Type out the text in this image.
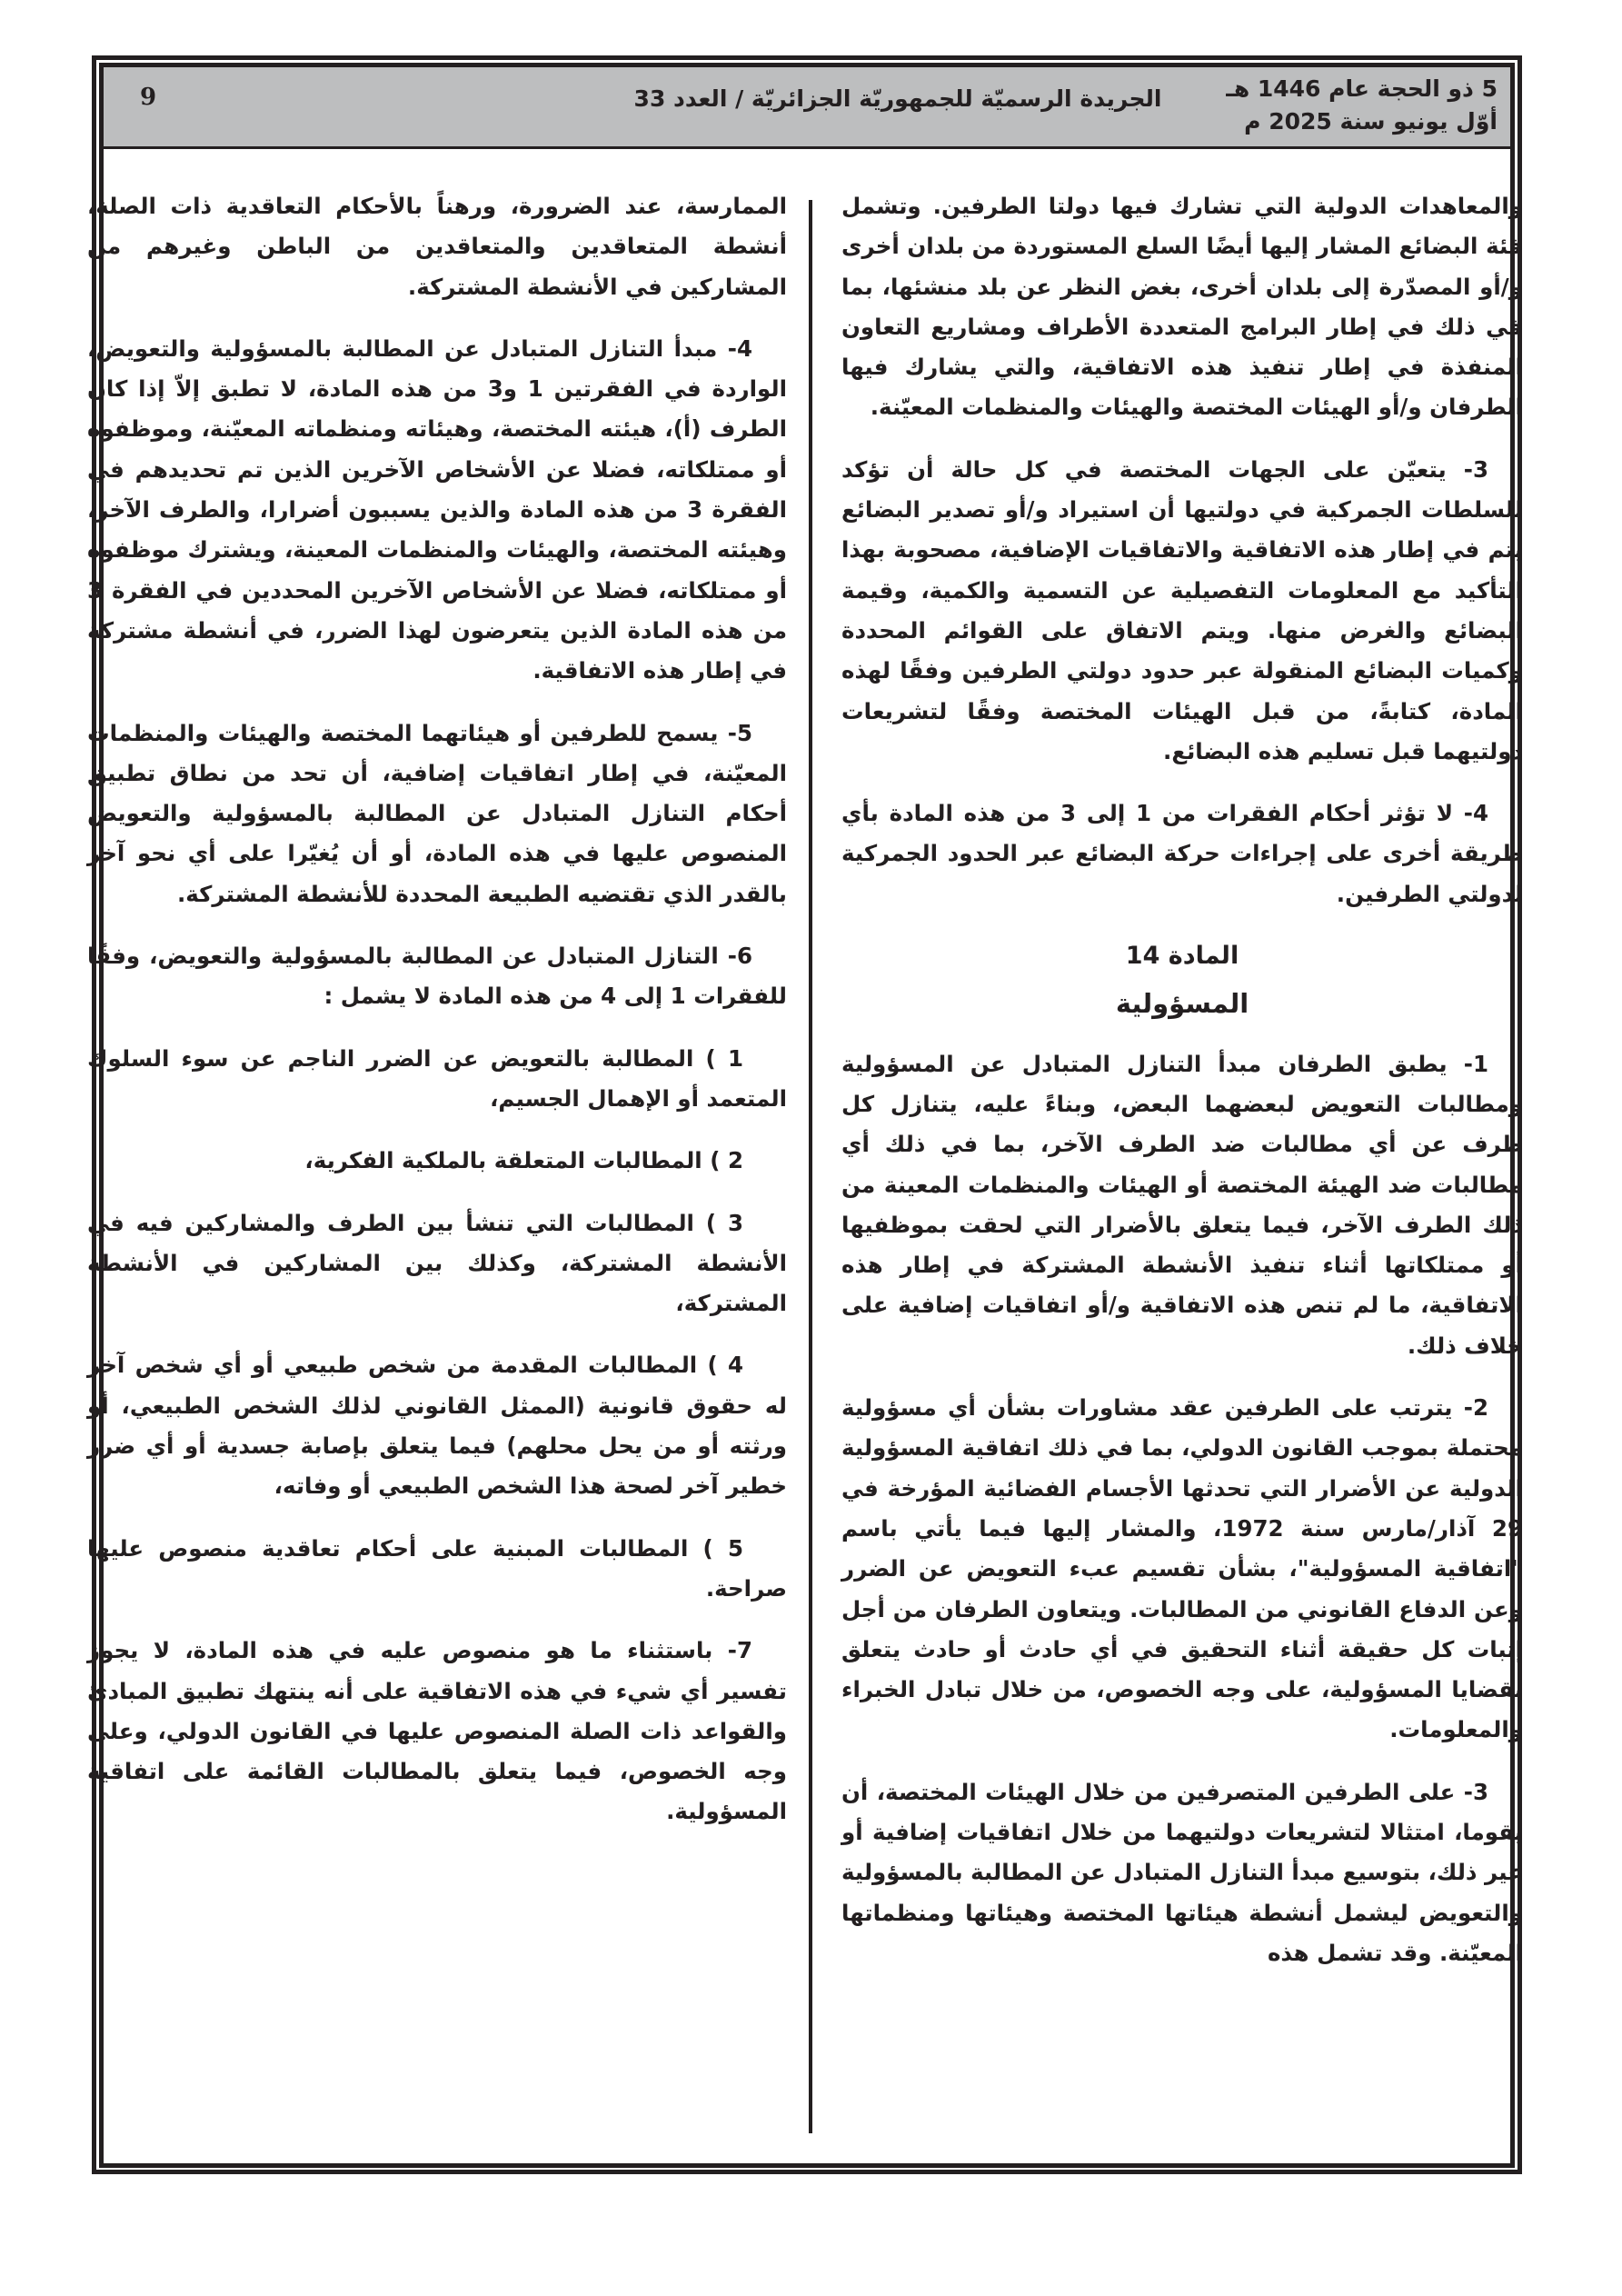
5 ذو الحجة عام 1446 هـ
أوّل يونيو سنة 2025 م
الجريدة الرسميّة للجمهوريّة الجزائريّة / العدد 33
9

والمعاهدات الدولية التي تشارك فيها دولتا الطرفين. وتشمل فئة البضائع المشار إليها أيضًا السلع المستوردة من بلدان أخرى و/أو المصدّرة إلى بلدان أخرى، بغض النظر عن بلد منشئها، بما في ذلك في إطار البرامج المتعددة الأطراف ومشاريع التعاون المنفذة في إطار تنفيذ هذه الاتفاقية، والتي يشارك فيها الطرفان و/أو الهيئات المختصة والهيئات والمنظمات المعيّنة.

3- يتعيّن على الجهات المختصة في كل حالة أن تؤكد للسلطات الجمركية في دولتيها أن استيراد و/أو تصدير البضائع يتم في إطار هذه الاتفاقية والاتفاقيات الإضافية، مصحوبة بهذا التأكيد مع المعلومات التفصيلية عن التسمية والكمية، وقيمة البضائع والغرض منها. ويتم الاتفاق على القوائم المحددة وكميات البضائع المنقولة عبر حدود دولتي الطرفين وفقًا لهذه المادة، كتابةً، من قبل الهيئات المختصة وفقًا لتشريعات دولتيهما قبل تسليم هذه البضائع.

4- لا تؤثر أحكام الفقرات من 1 إلى 3 من هذه المادة بأي طريقة أخرى على إجراءات حركة البضائع عبر الحدود الجمركية لدولتي الطرفين.

المادة 14
المسؤولية

1- يطبق الطرفان مبدأ التنازل المتبادل عن المسؤولية ومطالبات التعويض لبعضهما البعض، وبناءً عليه، يتنازل كل طرف عن أي مطالبات ضد الطرف الآخر، بما في ذلك أي مطالبات ضد الهيئة المختصة أو الهيئات والمنظمات المعينة من ذلك الطرف الآخر، فيما يتعلق بالأضرار التي لحقت بموظفيها أو ممتلكاتها أثناء تنفيذ الأنشطة المشتركة في إطار هذه الاتفاقية، ما لم تنص هذه الاتفاقية و/أو اتفاقيات إضافية على خلاف ذلك.

2- يترتب على الطرفين عقد مشاورات بشأن أي مسؤولية محتملة بموجب القانون الدولي، بما في ذلك اتفاقية المسؤولية الدولية عن الأضرار التي تحدثها الأجسام الفضائية المؤرخة في 29 آذار/مارس سنة 1972، والمشار إليها فيما يأتي باسم "اتفاقية المسؤولية"، بشأن تقسيم عبء التعويض عن الضرر وعن الدفاع القانوني من المطالبات. ويتعاون الطرفان من أجل إثبات كل حقيقة أثناء التحقيق في أي حادث أو حادث يتعلق بقضايا المسؤولية، على وجه الخصوص، من خلال تبادل الخبراء والمعلومات.

3- على الطرفين المتصرفين من خلال الهيئات المختصة، أن يقوما، امتثالا لتشريعات دولتيهما من خلال اتفاقيات إضافية أو غير ذلك، بتوسيع مبدأ التنازل المتبادل عن المطالبة بالمسؤولية والتعويض ليشمل أنشطة هيئاتها المختصة وهيئاتها ومنظماتها المعيّنة. وقد تشمل هذه

الممارسة، عند الضرورة، ورهناً بالأحكام التعاقدية ذات الصلة، أنشطة المتعاقدين والمتعاقدين من الباطن وغيرهم من المشاركين في الأنشطة المشتركة.

4- مبدأ التنازل المتبادل عن المطالبة بالمسؤولية والتعويض، الواردة في الفقرتين 1 و3 من هذه المادة، لا تطبق إلاّ إذا كان الطرف (أ)، هيئته المختصة، وهيئاته ومنظماته المعيّنة، وموظفوه أو ممتلكاته، فضلا عن الأشخاص الآخرين الذين تم تحديدهم في الفقرة 3 من هذه المادة والذين يسببون أضرارا، والطرف الآخر، وهيئته المختصة، والهيئات والمنظمات المعينة، ويشترك موظفوه أو ممتلكاته، فضلا عن الأشخاص الآخرين المحددين في الفقرة 3 من هذه المادة الذين يتعرضون لهذا الضرر، في أنشطة مشتركة في إطار هذه الاتفاقية.

5- يسمح للطرفين أو هيئاتهما المختصة والهيئات والمنظمات المعيّنة، في إطار اتفاقيات إضافية، أن تحد من نطاق تطبيق أحكام التنازل المتبادل عن المطالبة بالمسؤولية والتعويض المنصوص عليها في هذه المادة، أو أن يُغيّرا على أي نحو آخر بالقدر الذي تقتضيه الطبيعة المحددة للأنشطة المشتركة.

6- التنازل المتبادل عن المطالبة بالمسؤولية والتعويض، وفقًا للفقرات 1 إلى 4 من هذه المادة لا يشمل :

1 ) المطالبة بالتعويض عن الضرر الناجم عن سوء السلوك المتعمد أو الإهمال الجسيم،

2 ) المطالبات المتعلقة بالملكية الفكرية،

3 ) المطالبات التي تنشأ بين الطرف والمشاركين فيه في الأنشطة المشتركة، وكذلك بين المشاركين في الأنشطة المشتركة،

4 ) المطالبات المقدمة من شخص طبيعي أو أي شخص آخر له حقوق قانونية (الممثل القانوني لذلك الشخص الطبيعي، أو ورثته أو من يحل محلهم) فيما يتعلق بإصابة جسدية أو أي ضرر خطير آخر لصحة هذا الشخص الطبيعي أو وفاته،

5 ) المطالبات المبنية على أحكام تعاقدية منصوص عليها صراحة.

7- باستثناء ما هو منصوص عليه في هذه المادة، لا يجوز تفسير أي شيء في هذه الاتفاقية على أنه ينتهك تطبيق المبادئ والقواعد ذات الصلة المنصوص عليها في القانون الدولي، وعلى وجه الخصوص، فيما يتعلق بالمطالبات القائمة على اتفاقية المسؤولية.
